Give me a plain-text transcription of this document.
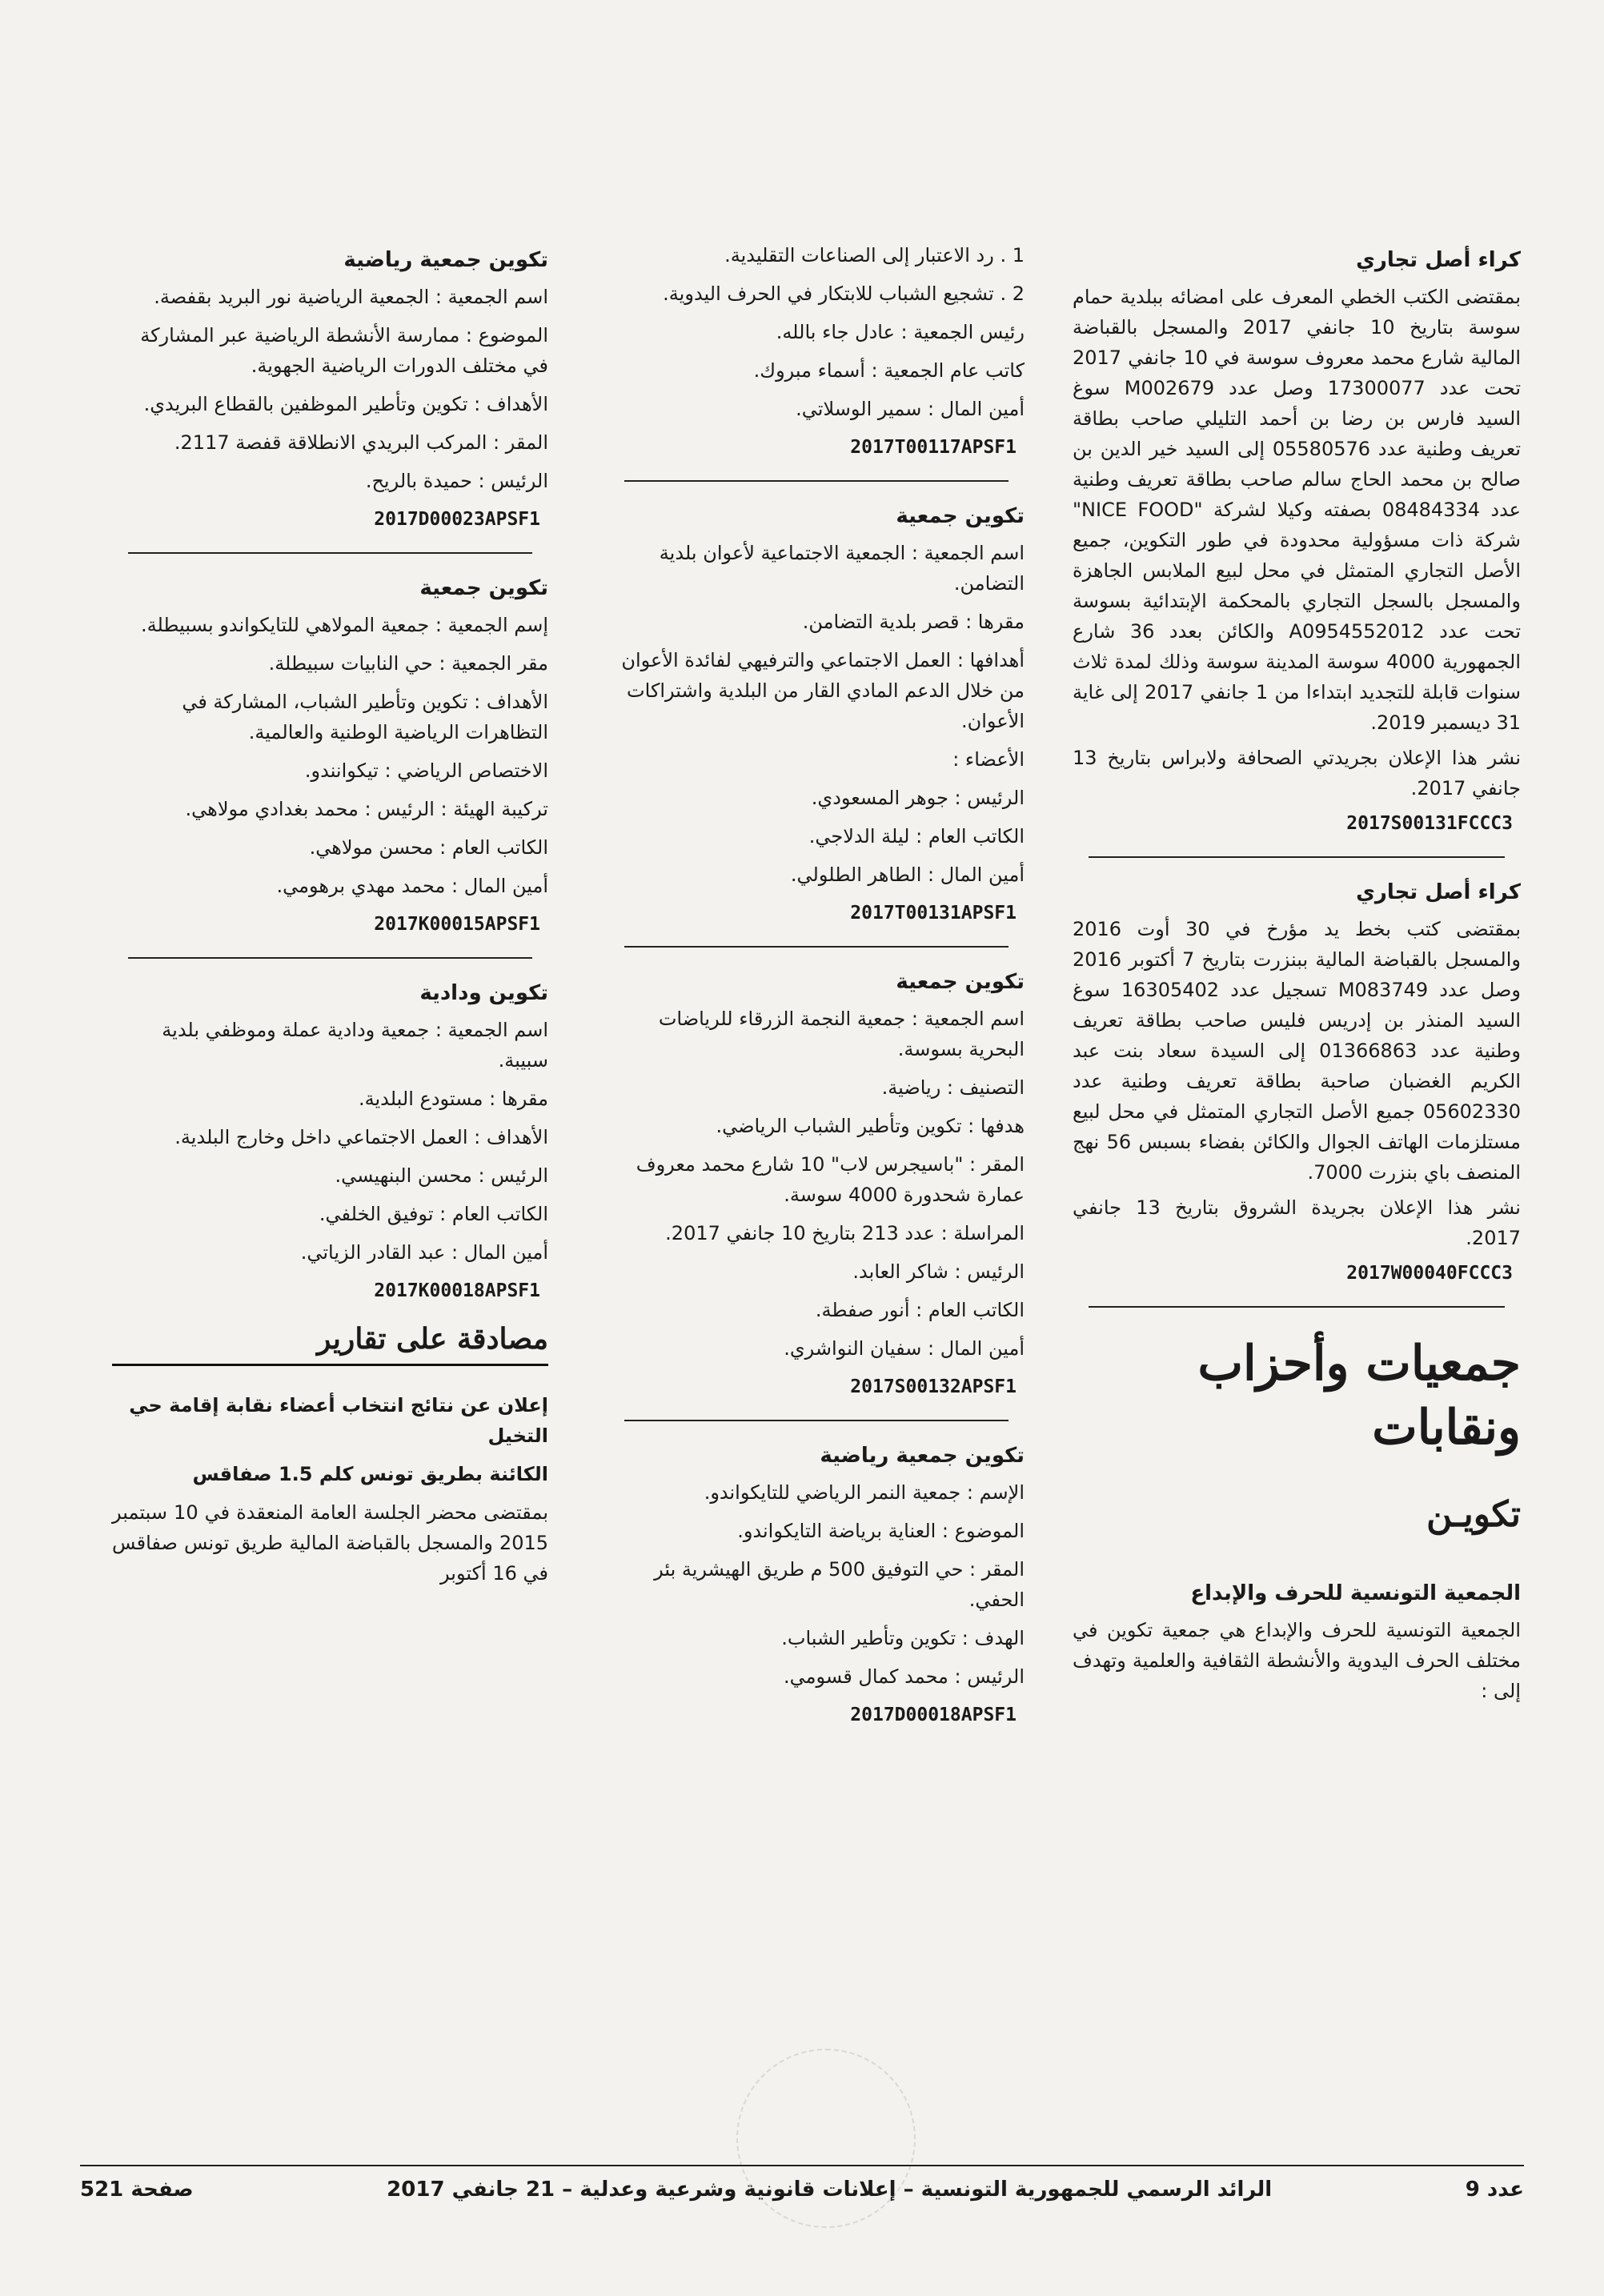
كراء أصل تجاري

بمقتضى الكتب الخطي المعرف على امضائه ببلدية حمام سوسة بتاريخ 10 جانفي 2017 والمسجل بالقباضة المالية شارع محمد معروف سوسة في 10 جانفي 2017 تحت عدد 17300077 وصل عدد M002679 سوغ السيد فارس بن رضا بن أحمد التليلي صاحب بطاقة تعريف وطنية عدد 05580576 إلى السيد خير الدين بن صالح بن محمد الحاج سالم صاحب بطاقة تعريف وطنية عدد 08484334 بصفته وكيلا لشركة "NICE FOOD" شركة ذات مسؤولية محدودة في طور التكوين، جميع الأصل التجاري المتمثل في محل لبيع الملابس الجاهزة والمسجل بالسجل التجاري بالمحكمة الإبتدائية بسوسة تحت عدد A0954552012 والكائن بعدد 36 شارع الجمهورية 4000 سوسة المدينة سوسة وذلك لمدة ثلاث سنوات قابلة للتجديد ابتداءا من 1 جانفي 2017 إلى غاية 31 ديسمبر 2019.

نشر هذا الإعلان بجريدتي الصحافة ولابراس بتاريخ 13 جانفي 2017.

2017S00131FCCC3
كراء أصل تجاري

بمقتضى كتب بخط يد مؤرخ في 30 أوت 2016 والمسجل بالقباضة المالية ببنزرت بتاريخ 7 أكتوبر 2016 وصل عدد M083749 تسجيل عدد 16305402 سوغ السيد المنذر بن إدريس فليس صاحب بطاقة تعريف وطنية عدد 01366863 إلى السيدة سعاد بنت عبد الكريم الغضبان صاحبة بطاقة تعريف وطنية عدد 05602330 جميع الأصل التجاري المتمثل في محل لبيع مستلزمات الهاتف الجوال والكائن بفضاء بسبس 56 نهج المنصف باي بنزرت 7000.

نشر هذا الإعلان بجريدة الشروق بتاريخ 13 جانفي 2017.

2017W00040FCCC3
جمعيات وأحزاب ونقابات
تكويـن
الجمعية التونسية للحرف والإبداع

الجمعية التونسية للحرف والإبداع هي جمعية تكوين في مختلف الحرف اليدوية والأنشطة الثقافية والعلمية وتهدف إلى :

1 . رد الاعتبار إلى الصناعات التقليدية.
2 . تشجيع الشباب للابتكار في الحرف اليدوية.
رئيس الجمعية : عادل جاء بالله.
كاتب عام الجمعية : أسماء مبروك.
أمين المال : سمير الوسلاتي.
2017T00117APSF1
تكوين جمعية
اسم الجمعية : الجمعية الاجتماعية لأعوان بلدية التضامن.
مقرها : قصر بلدية التضامن.
أهدافها : العمل الاجتماعي والترفيهي لفائدة الأعوان من خلال الدعم المادي القار من البلدية واشتراكات الأعوان.
الأعضاء :
الرئيس : جوهر المسعودي.
الكاتب العام : ليلة الدلاجي.
أمين المال : الطاهر الطلولي.
2017T00131APSF1
تكوين جمعية
اسم الجمعية : جمعية النجمة الزرقاء للرياضات البحرية بسوسة.
التصنيف : رياضية.
هدفها : تكوين وتأطير الشباب الرياضي.
المقر : "باسيجرس لاب" 10 شارع محمد معروف عمارة شحدورة 4000 سوسة.
المراسلة : عدد 213 بتاريخ 10 جانفي 2017.
الرئيس : شاكر العابد.
الكاتب العام : أنور صفطة.
أمين المال : سفيان النواشري.
2017S00132APSF1
تكوين جمعية رياضية
الإسم : جمعية النمر الرياضي للتايكواندو.
الموضوع : العناية برياضة التايكواندو.
المقر : حي التوفيق 500 م طريق الهيشرية بئر الحفي.
الهدف : تكوين وتأطير الشباب.
الرئيس : محمد كمال قسومي.
2017D00018APSF1
تكوين جمعية رياضية
اسم الجمعية : الجمعية الرياضية نور البريد بقفصة.
الموضوع : ممارسة الأنشطة الرياضية عبر المشاركة في مختلف الدورات الرياضية الجهوية.
الأهداف : تكوين وتأطير الموظفين بالقطاع البريدي.
المقر : المركب البريدي الانطلاقة قفصة 2117.
الرئيس : حميدة بالريح.
2017D00023APSF1
تكوين جمعية
إسم الجمعية : جمعية المولاهي للتايكواندو بسبيطلة.
مقر الجمعية : حي النابيات سبيطلة.
الأهداف : تكوين وتأطير الشباب، المشاركة في التظاهرات الرياضية الوطنية والعالمية.
الاختصاص الرياضي : تيكوانندو.
تركيبة الهيئة : الرئيس : محمد بغدادي مولاهي.
الكاتب العام : محسن مولاهي.
أمين المال : محمد مهدي برهومي.
2017K00015APSF1
تكوين ودادية
اسم الجمعية : جمعية ودادية عملة وموظفي بلدية سبيبة.
مقرها : مستودع البلدية.
الأهداف : العمل الاجتماعي داخل وخارج البلدية.
الرئيس : محسن البنهيسي.
الكاتب العام : توفيق الخلفي.
أمين المال : عبد القادر الزياتي.
2017K00018APSF1
مصادقة على تقارير
إعلان عن نتائج انتخاب أعضاء نقابة إقامة حي التخيل
الكائنة بطريق تونس كلم 1.5 صفاقس

بمقتضى محضر الجلسة العامة المنعقدة في 10 سبتمبر 2015 والمسجل بالقباضة المالية طريق تونس صفاقس في 16 أكتوبر

عدد 9
الرائد الرسمي للجمهورية التونسية – إعلانات قانونية وشرعية وعدلية – 21 جانفي 2017
صفحة 521
